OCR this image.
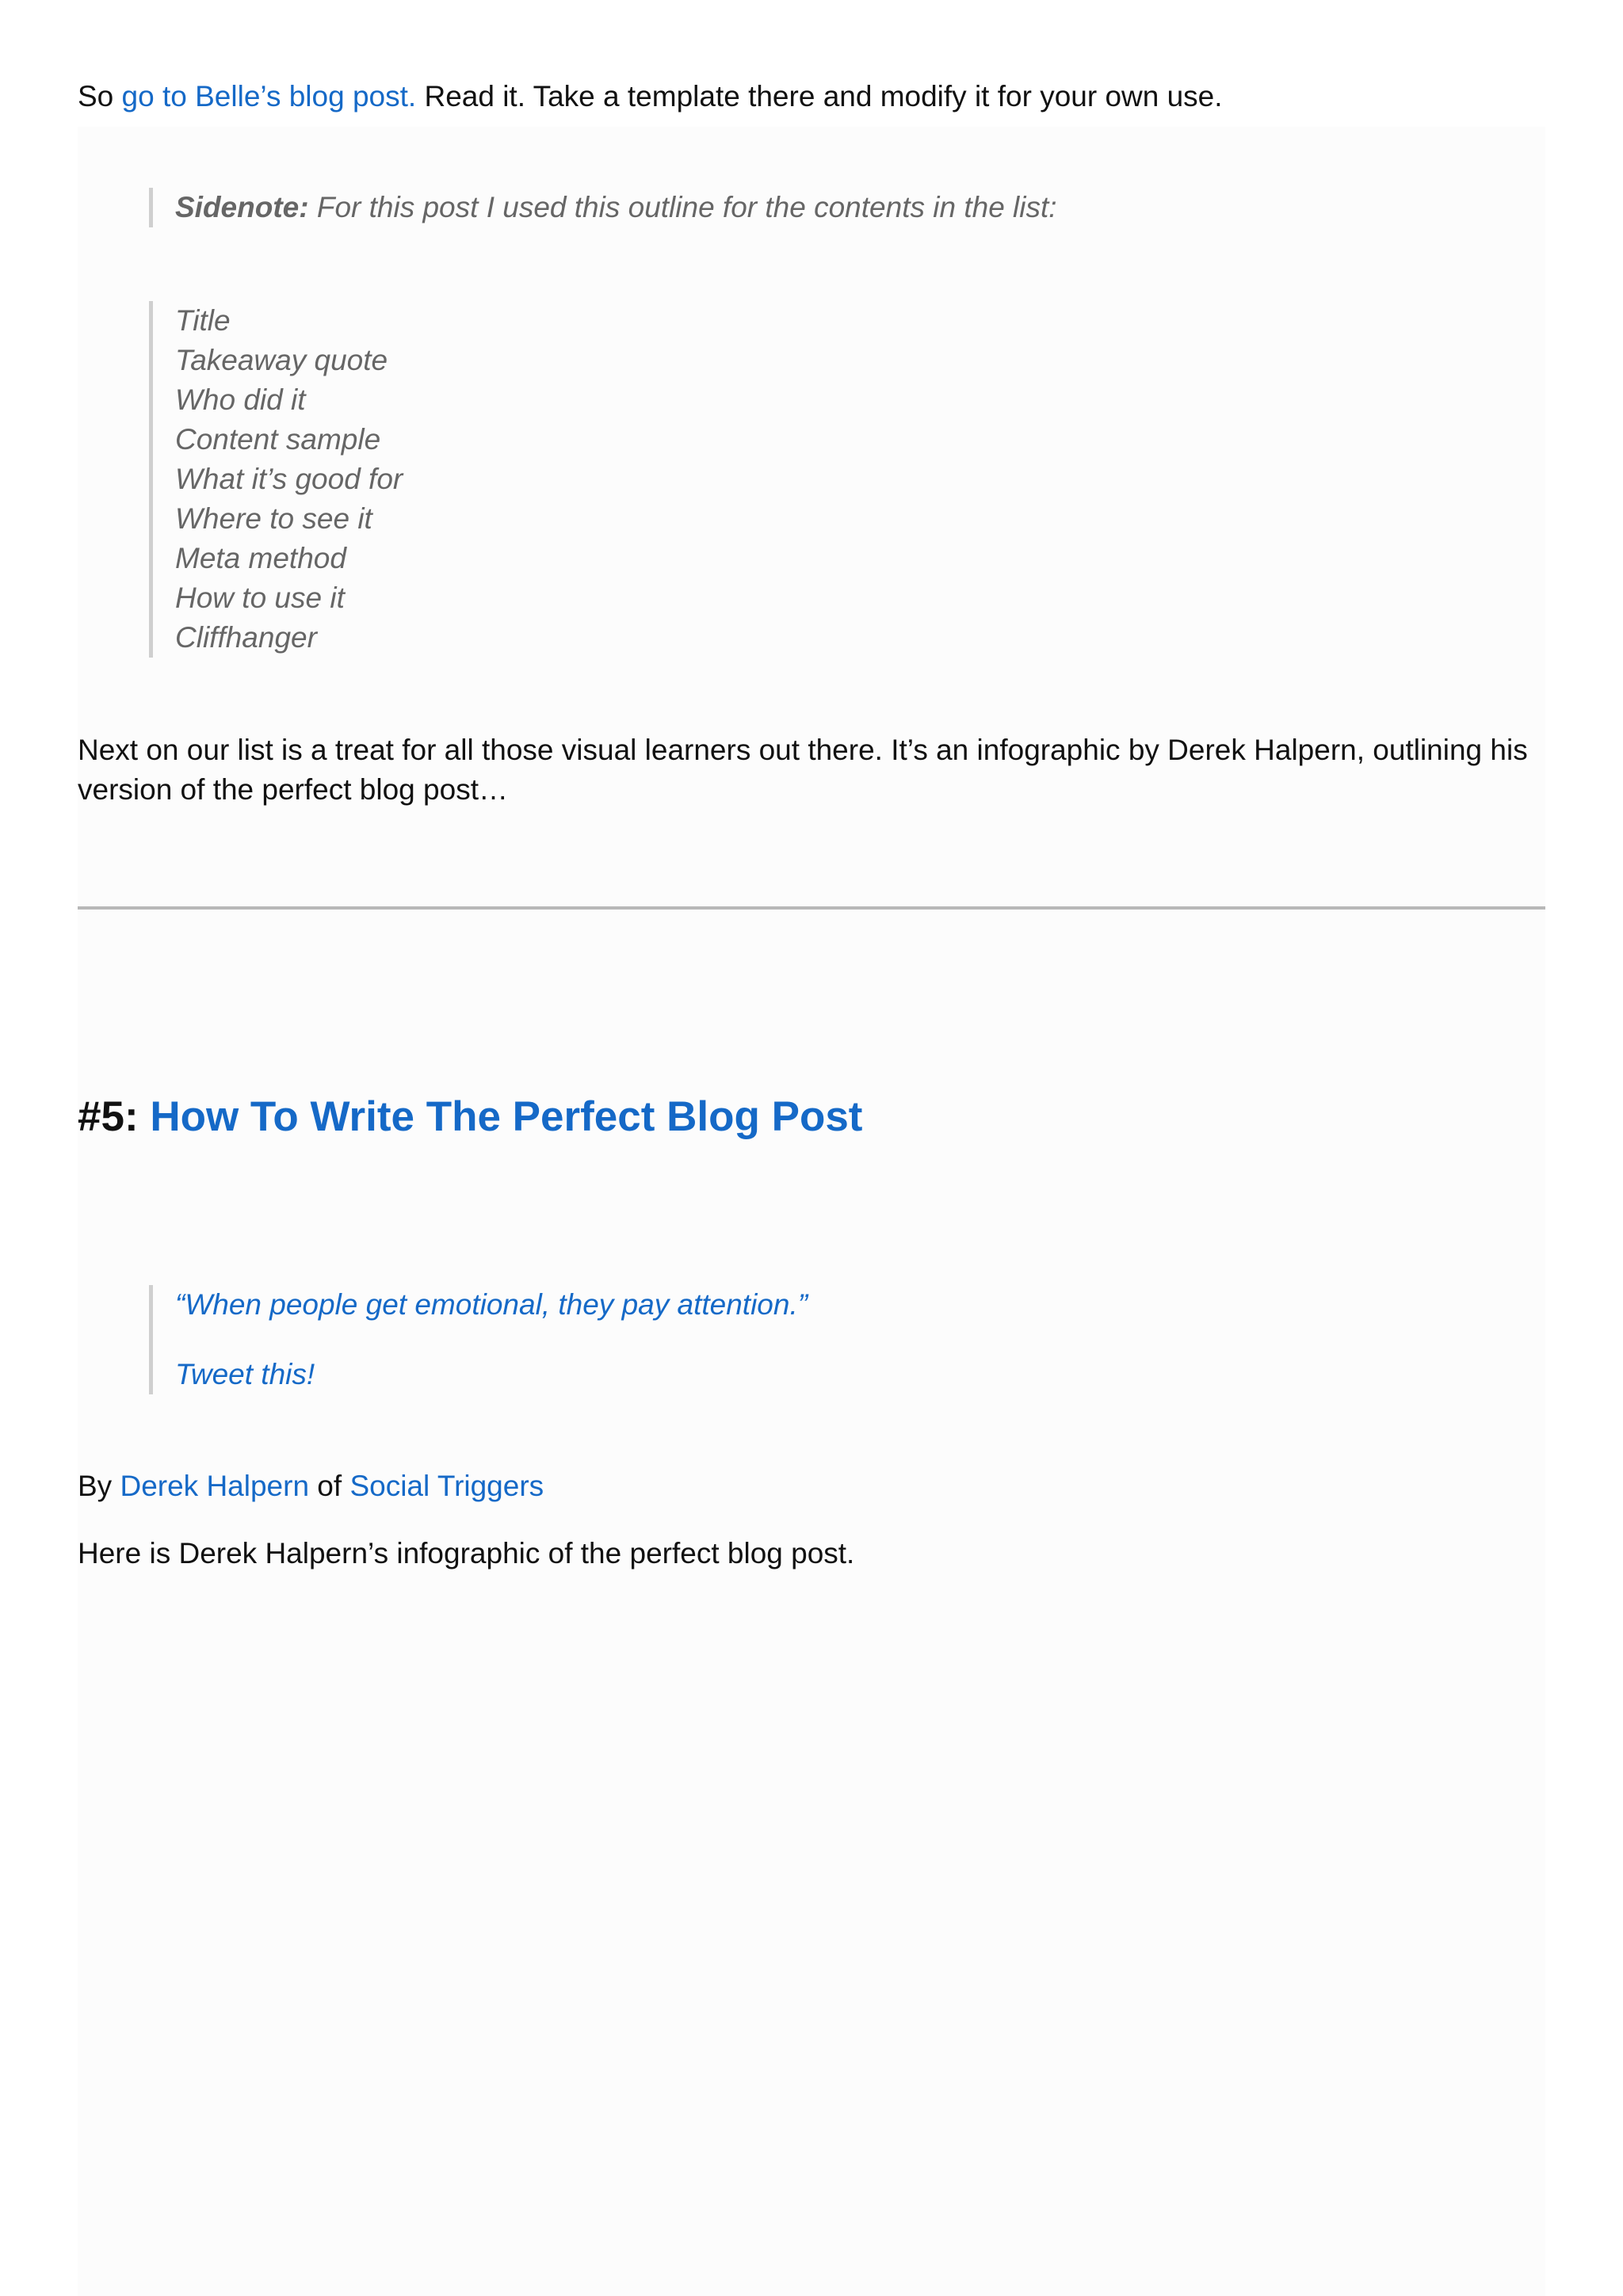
So go to Belle’s blog post. Read it. Take a template there and modify it for your own use.

Sidenote: For this post I used this outline for the contents in the list:
Title
Takeaway quote
Who did it
Content sample
What it’s good for
Where to see it
Meta method
How to use it
Cliffhanger

Next on our list is a treat for all those visual learners out there. It’s an infographic by Derek Halpern, outlining his version of the perfect blog post…

#5: How To Write The Perfect Blog Post
“When people get emotional, they pay attention.”
Tweet this!

By Derek Halpern of Social Triggers

Here is Derek Halpern’s infographic of the perfect blog post.
